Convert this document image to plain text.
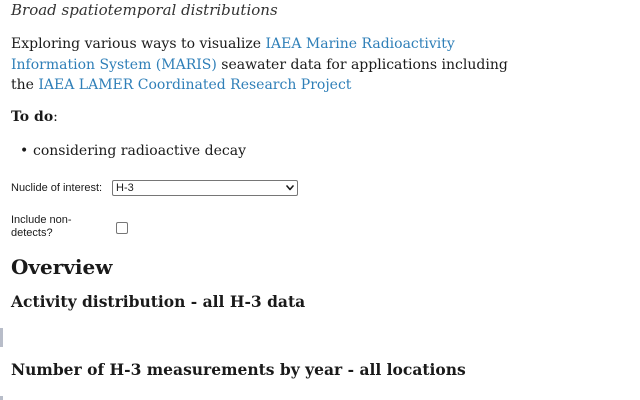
Broad spatiotemporal distributions

Exploring various ways to visualize IAEA Marine Radioactivity Information System (MARIS) seawater data for applications including the IAEA LAMER Coordinated Research Project

To do:
• considering radioactive decay
Nuclide of interest: H-3
Include non-detects?
Overview
Activity distribution - all H-3 data
Number of H-3 measurements by year - all locations
